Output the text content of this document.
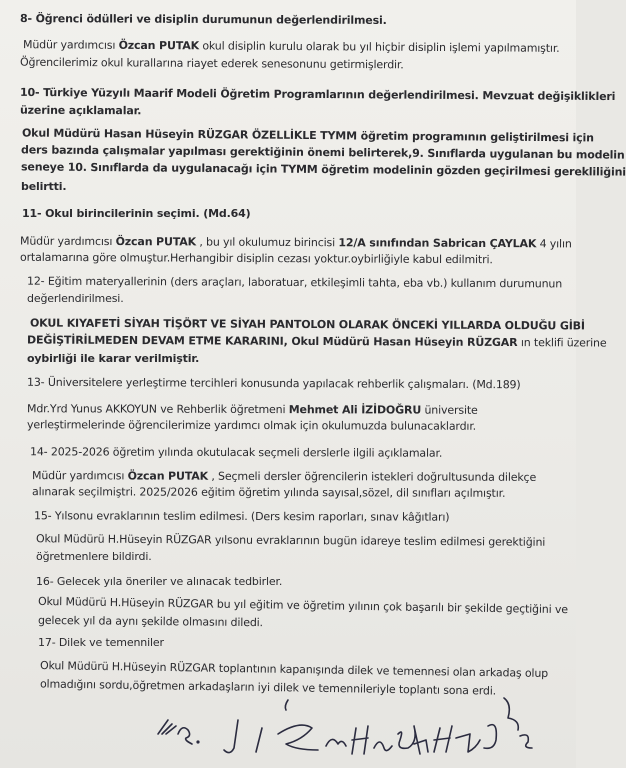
8- Öğrenci ödülleri ve disiplin durumunun değerlendirilmesi.

Müdür yardımcısı Özcan PUTAK okul disiplin kurulu olarak bu yıl hiçbir disiplin işlemi yapılmamıştır.

Öğrencilerimiz okul kurallarına riayet ederek senesonunu getirmişlerdir.

10- Türkiye Yüzyılı Maarif Modeli Öğretim Programlarının değerlendirilmesi. Mevzuat değişiklikleri

üzerine açıklamalar.

Okul Müdürü Hasan Hüseyin RÜZGAR ÖZELLİKLE TYMM öğretim programının geliştirilmesi için

ders bazında çalışmalar yapılması gerektiğinin önemi belirterek,9. Sınıflarda uygulanan bu modelin

seneye 10. Sınıflarda da uygulanacağı için TYMM öğretim modelinin gözden geçirilmesi gerekliliğini

belirtti.

11- Okul birincilerinin seçimi. (Md.64)

Müdür yardımcısı Özcan PUTAK , bu yıl okulumuz birincisi 12/A sınıfından Sabrican ÇAYLAK 4 yılın

ortalamarına göre olmuştur.Herhangibir disiplin cezası yoktur.oybirliğiyle kabul edilmitri.

12- Eğitim materyallerinin (ders araçları, laboratuar, etkileşimli tahta, eba vb.) kullanım durumunun

değerlendirilmesi.

OKUL KIYAFETİ SİYAH TİŞÖRT VE SİYAH PANTOLON OLARAK ÖNCEKİ YILLARDA OLDUĞU GİBİ

DEĞİŞTİRİLMEDEN DEVAM ETME KARARINI, Okul Müdürü Hasan Hüseyin RÜZGAR ın teklifi üzerine

oybirliği ile karar verilmiştir.

13- Üniversitelere yerleştirme tercihleri konusunda yapılacak rehberlik çalışmaları. (Md.189)

Mdr.Yrd Yunus AKKOYUN ve Rehberlik öğretmeni Mehmet Ali İZİDOĞRU üniversite

yerleştirmelerinde öğrencilerimize yardımcı olmak için okulumuzda bulunacaklardır.

14- 2025-2026 öğretim yılında okutulacak seçmeli derslerle ilgili açıklamalar.

Müdür yardımcısı Özcan PUTAK , Seçmeli dersler öğrencilerin istekleri doğrultusunda dilekçe

alınarak seçilmiştri. 2025/2026 eğitim öğretim yılında sayısal,sözel, dil sınıfları açılmıştır.

15- Yılsonu evraklarının teslim edilmesi. (Ders kesim raporları, sınav kâğıtları)

Okul Müdürü H.Hüseyin RÜZGAR yılsonu evraklarının bugün idareye teslim edilmesi gerektiğini

öğretmenlere bildirdi.

16- Gelecek yıla öneriler ve alınacak tedbirler.

Okul Müdürü H.Hüseyin RÜZGAR bu yıl eğitim ve öğretim yılının çok başarılı bir şekilde geçtiğini ve

gelecek yıl da aynı şekilde olmasını diledi.

17- Dilek ve temenniler

Okul Müdürü H.Hüseyin RÜZGAR toplantının kapanışında dilek ve temennesi olan arkadaş olup

olmadığını sordu,öğretmen arkadaşların iyi dilek ve temennileriyle toplantı sona erdi.
